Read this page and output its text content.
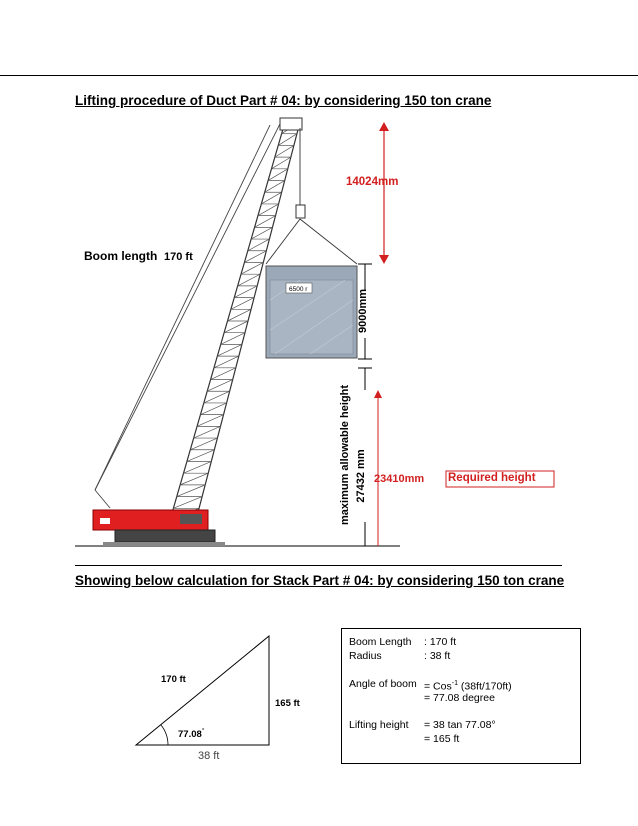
Lifting procedure of Duct Part # 04: by considering 150 ton crane
6500 r
Boom length 170 ft
14024mm
9000mm
maximum allowable height 27432 mm 23410mm Required height
Showing below calculation for Stack Part # 04: by considering 150 ton crane
170 ft
165 ft
77.08°
38 ft
Boom Length : 170 ft
Radius	: 38 ft
Angle of boom = Cos$^{-1}$ (38ft/170ft)
= 77.08 degree
Lifting height = 38 tan 77.08°
= 165 ft
